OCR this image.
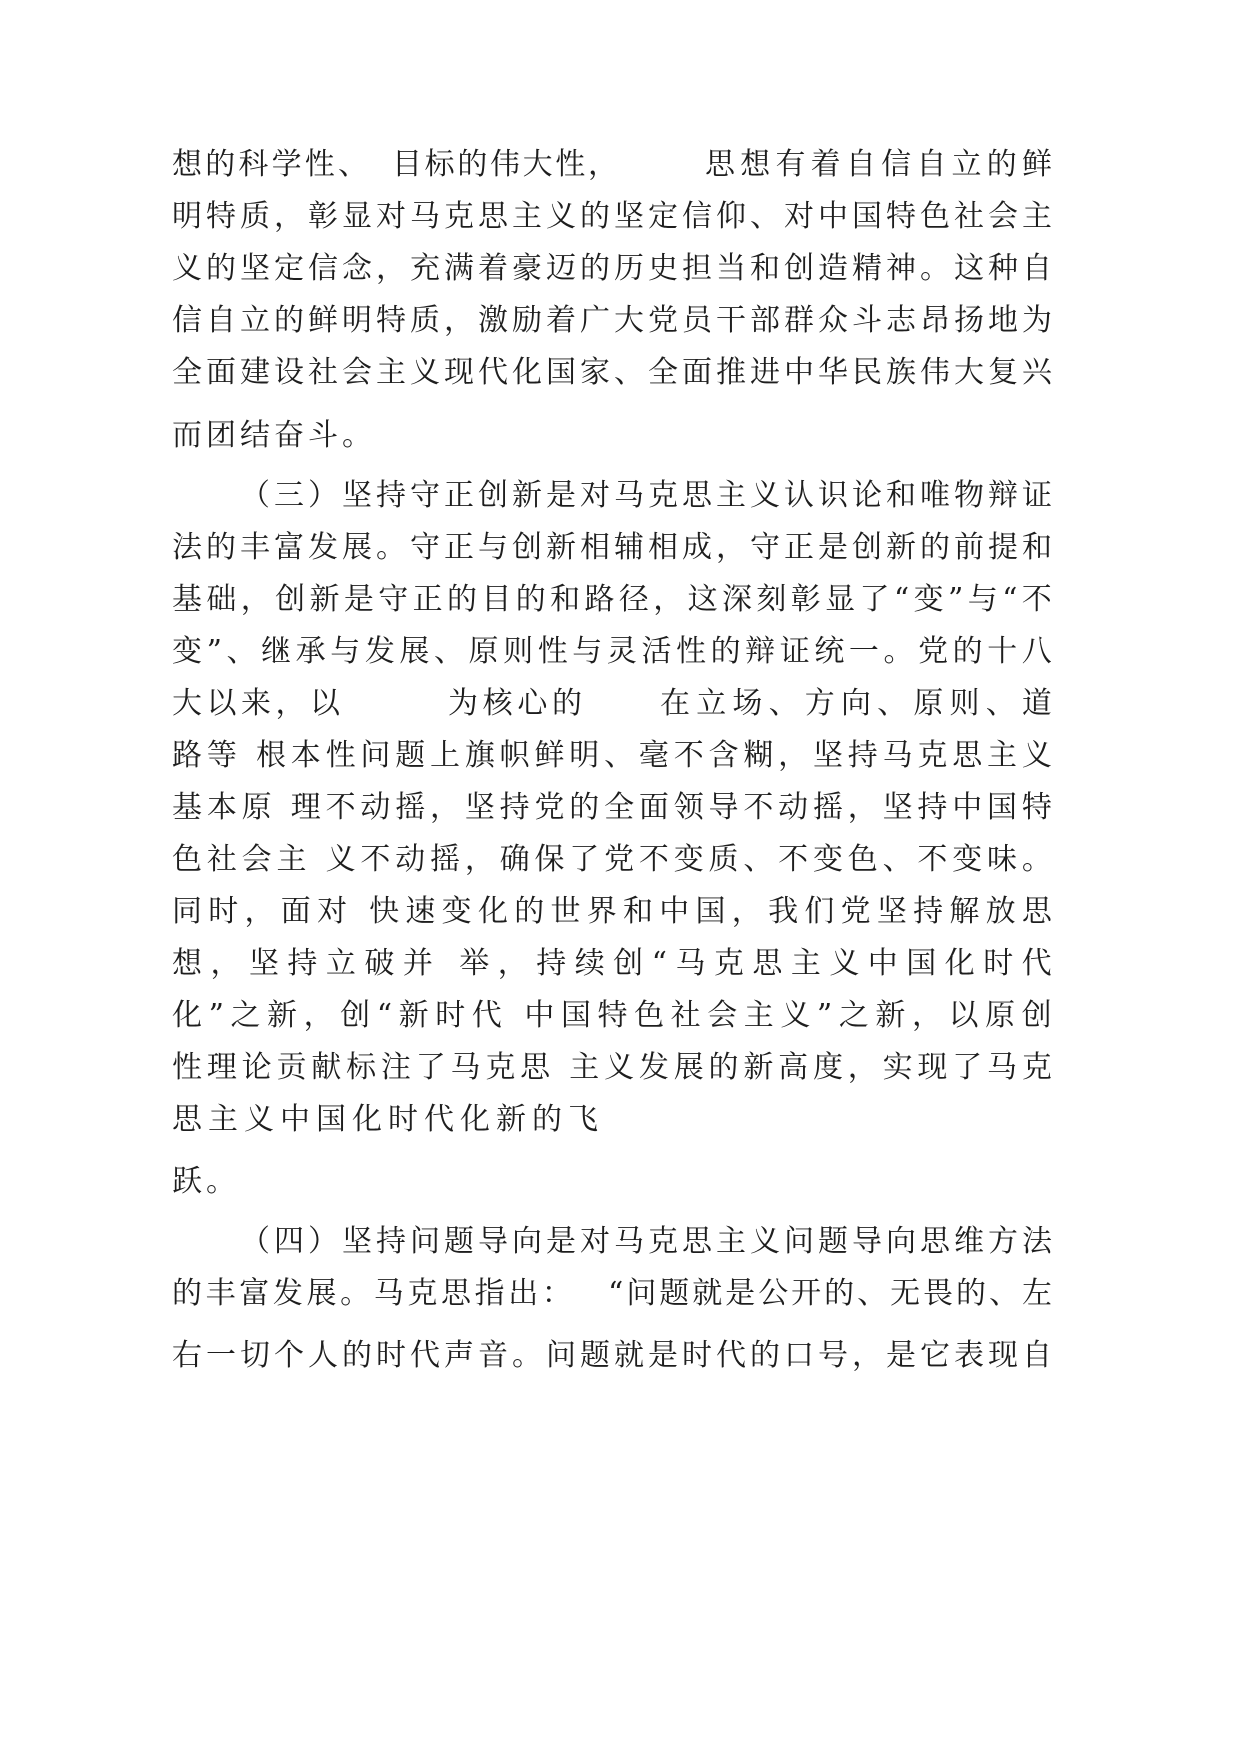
想 的 科 学 性 、 目 标 的 伟 大 性 ，	思 想 有 着 自 信 自 立 的 鲜
明 特 质 ， 彰 显 对 马 克 思 主 义 的 坚 定 信 仰 、 对 中 国 特 色 社 会 主
义 的 坚 定 信 念 ， 充 满 着 豪 迈 的 历 史 担 当 和 创 造 精 神 。 这 种 自
信 自 立 的 鲜 明 特 质 ， 激 励 着 广 大 党 员 干 部 群 众 斗 志 昂 扬 地 为
全 面 建 设 社 会 主 义 现 代 化 国 家 、 全 面 推 进 中 华 民 族 伟 大 复 兴
而 团 结 奋 斗 。
（ 三 ） 坚 持 守 正 创 新 是 对 马 克 思 主 义 认 识 论 和 唯 物 辩 证
法 的 丰 富 发 展 。 守 正 与 创 新 相 辅 相 成 ， 守 正 是 创 新 的 前 提 和
基 础 ， 创 新 是 守 正 的 目 的 和 路 径 ， 这 深 刻 彰 显 了 “ 变 ” 与 “ 不
变 ” 、 继 承 与 发 展 、 原 则 性 与 灵 活 性 的 辩 证 统 一 。 党 的 十 八
大 以 来 ， 以	为 核 心 的	在 立 场 、 方 向 、 原 则 、 道
路 等
根 本 性 问 题 上 旗 帜 鲜 明 、 毫 不 含 糊 ， 坚 持 马 克 思 主 义
基 本 原
理 不 动 摇 ， 坚 持 党 的 全 面 领 导 不 动 摇 ， 坚 持 中 国 特
色 社 会 主
义 不 动 摇 ， 确 保 了 党 不 变 质 、 不 变 色 、 不 变 味 。
同 时 ， 面 对
快 速 变 化 的 世 界 和 中 国 ， 我 们 党 坚 持 解 放 思
想 ， 坚 持 立 破 并
举 ， 持 续 创 “ 马 克 思 主 义 中 国 化 时 代
化 ” 之 新 ， 创 “ 新 时 代
中 国 特 色 社 会 主 义 ” 之 新 ， 以 原 创
性 理 论 贡 献 标 注 了 马 克 思
主 义 发 展 的 新 高 度 ， 实 现 了 马 克
思 主 义 中 国 化 时 代 化 新 的 飞
跃 。
（ 四 ） 坚 持 问 题 导 向 是 对 马 克 思 主 义 问 题 导 向 思 维 方 法
的 丰 富 发 展 。 马 克 思 指 出 ： “ 问 题 就 是 公 开 的 、 无 畏 的 、 左
右 一 切 个 人 的 时 代 声 音 。 问 题 就 是 时 代 的 口 号 ， 是 它 表 现 自
